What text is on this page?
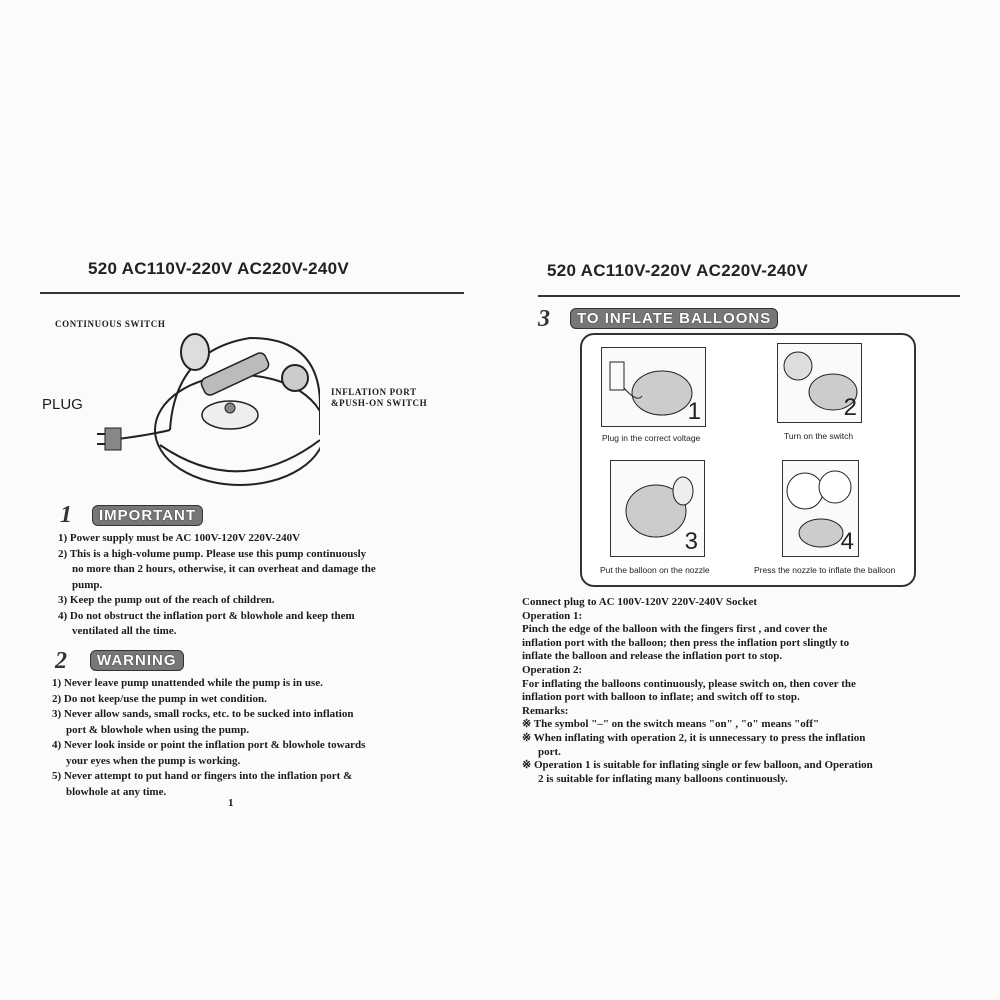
520 AC110V-220V AC220V-240V
CONTINUOUS SWITCH
INFLATION PORT
&PUSH-ON SWITCH
PLUG
1	IMPORTANT
1) Power supply must be AC 100V-120V 220V-240V
2) This is a high-volume pump. Please use this pump continuously
no more than 2 hours, otherwise, it can overheat and damage the
pump.
3) Keep the pump out of the reach of children.
4) Do not obstruct the inflation port & blowhole and keep them
ventilated all the time.
2	WARNING
1) Never leave pump unattended while the pump is in use.
2) Do not keep/use the pump in wet condition.
3) Never allow sands, small rocks, etc. to be sucked into inflation
port & blowhole when using the pump.
4) Never look inside or point the inflation port & blowhole towards
your eyes when the pump is working.
5) Never attempt to put hand or fingers into the inflation port &
blowhole at any time.
1
520 AC110V-220V AC220V-240V
3	TO INFLATE BALLOONS
1
Plug in the correct voltage
2
Turn on the switch
3
Put the balloon on the nozzle
4
Press the nozzle to inflate the balloon
Connect plug to AC 100V-120V 220V-240V Socket
Operation 1:
Pinch the edge of the balloon with the fingers first , and cover the
inflation port with the balloon; then press the inflation port slingtly to
inflate the balloon and release the inflation port to stop.
Operation 2:
For inflating the balloons continuously, please switch on, then cover the
inflation port with balloon to inflate; and switch off to stop.
Remarks:
※ The symbol "–" on the switch means "on" , "o" means "off"
※ When inflating with operation 2, it is unnecessary to press the inflation
port.
※ Operation 1 is suitable for inflating single or few balloon, and Operation
2 is suitable for inflating many balloons continuously.
